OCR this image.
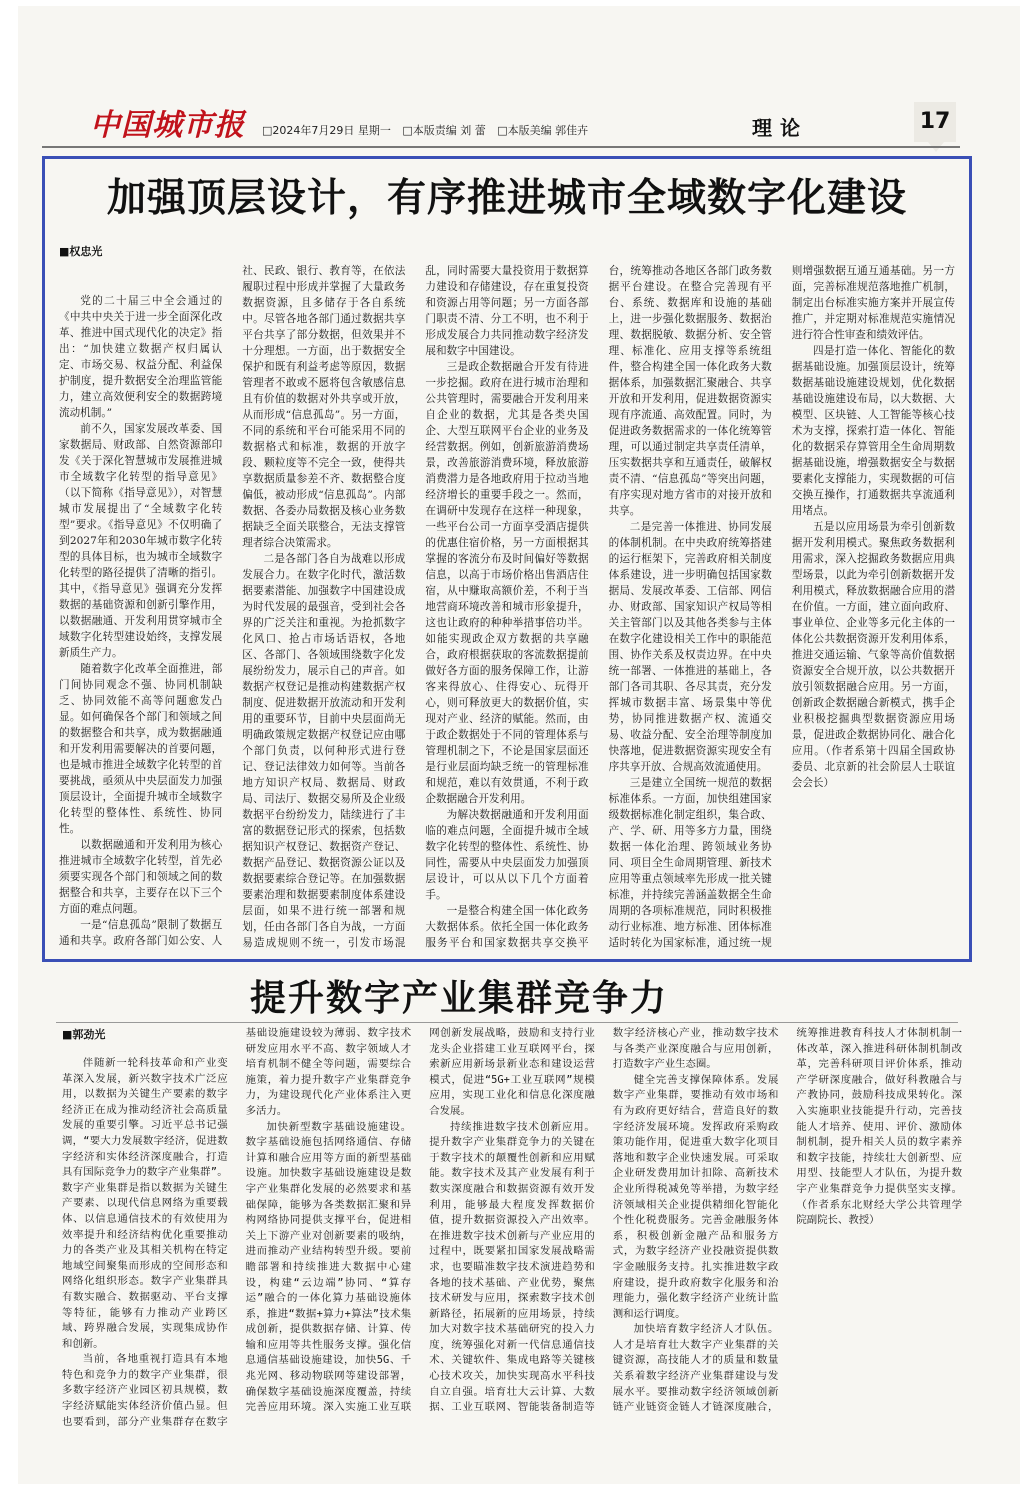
中国城市报 □2024年7月29日 星期一 □本版责编 刘 蕾 □本版美编 郭佳卉	理论	17
加强顶层设计，有序推进城市全域数字化建设
■权忠光

党的二十届三中全会通过的《中共中央关于进一步全面深化改革、推进中国式现代化的决定》指出：“加快建立数据产权归属认定、市场交易、权益分配、利益保护制度，提升数据安全治理监管能力，建立高效便利安全的数据跨境流动机制。”

前不久，国家发展改革委、国家数据局、财政部、自然资源部印发《关于深化智慧城市发展推进城市全域数字化转型的指导意见》（以下简称《指导意见》），对智慧城市发展提出了“全域数字化转型”要求。《指导意见》不仅明确了到2027年和2030年城市数字化转型的具体目标，也为城市全域数字化转型的路径提供了清晰的指引。其中，《指导意见》强调充分发挥数据的基础资源和创新引擎作用，以数据融通、开发利用贯穿城市全域数字化转型建设始终，支撑发展新质生产力。

随着数字化改革全面推进，部门间协同观念不强、协同机制缺乏、协同效能不高等问题愈发凸显。如何确保各个部门和领域之间的数据整合和共享，成为数据融通和开发利用需要解决的首要问题，也是城市推进全域数字化转型的首要挑战，亟须从中央层面发力加强顶层设计，全面提升城市全域数字化转型的整体性、系统性、协同性。

以数据融通和开发利用为核心推进城市全域数字化转型，首先必须要实现各个部门和领域之间的数据整合和共享，主要存在以下三个方面的难点问题。

一是“信息孤岛”限制了数据互通和共享。政府各部门如公安、人社、民政、银行、教育等，在依法履职过程中形成并掌握了大量政务数据资源，且多储存于各自系统中。尽管各地各部门通过数据共享平台共享了部分数据，但效果并不十分理想。一方面，出于数据安全保护和既有利益考虑等原因，数据管理者不敢或不愿将包含敏感信息且有价值的数据对外共享或开放，从而形成“信息孤岛”。另一方面，不同的系统和平台可能采用不同的数据格式和标准，数据的开放字段、颗粒度等不完全一致，使得共享数据质量参差不齐、数据整合度偏低，被动形成“信息孤岛”。内部数据、各委办局数据及核心业务数据缺乏全面关联整合，无法支撑管理者综合决策需求。

二是各部门各自为战难以形成发展合力。在数字化时代，激活数据要素潜能、加强数字中国建设成为时代发展的最强音，受到社会各界的广泛关注和重视。为抢抓数字化风口、抢占市场话语权，各地区、各部门、各领域围绕数字化发展纷纷发力，展示自己的声音。如数据产权登记是推动构建数据产权制度、促进数据开放流动和开发利用的重要环节，目前中央层面尚无明确政策规定数据产权登记应由哪个部门负责，以何种形式进行登记、登记法律效力如何等。当前各地方知识产权局、数据局、财政局、司法厅、数据交易所及企业级数据平台纷纷发力，陆续进行了丰富的数据登记形式的探索，包括数据知识产权登记、数据资产登记、数据产品登记、数据资源公证以及数据要素综合登记等。在加强数据要素治理和数据要素制度体系建设层面，如果不进行统一部署和规划，任由各部门各自为战，一方面易造成规则不统一，引发市场混乱，同时需要大量投资用于数据算力建设和存储建设，存在重复投资和资源占用等问题；另一方面各部门职责不清、分工不明，也不利于形成发展合力共同推动数字经济发展和数字中国建设。

三是政企数据融合开发有待进一步挖掘。政府在进行城市治理和公共管理时，需要融合开发利用来自企业的数据，尤其是各类央国企、大型互联网平台企业的业务及经营数据。例如，创新旅游消费场景，改善旅游消费环境，释放旅游消费潜力是各地政府用于拉动当地经济增长的重要手段之一。然而，在调研中发现存在这样一种现象，一些平台公司一方面享受酒店提供的优惠住宿价格，另一方面根据其掌握的客流分布及时间偏好等数据信息，以高于市场价格出售酒店住宿，从中赚取高额价差，不利于当地营商环境改善和城市形象提升，这也让政府的种种举措事倍功半。如能实现政企双方数据的共享融合，政府根据获取的客流数据提前做好各方面的服务保障工作，让游客来得放心、住得安心、玩得开心，则可释放更大的数据价值，实现对产业、经济的赋能。然而，由于政企数据处于不同的管理体系与管理机制之下，不论是国家层面还是行业层面均缺乏统一的管理标准和规范，难以有效贯通，不利于政企数据融合开发利用。

为解决数据融通和开发利用面临的难点问题，全面提升城市全域数字化转型的整体性、系统性、协同性，需要从中央层面发力加强顶层设计，可以从以下几个方面着手。

一是整合构建全国一体化政务大数据体系。依托全国一体化政务服务平台和国家数据共享交换平台，统筹推动各地区各部门政务数据平台建设。在整合完善现有平台、系统、数据库和设施的基础上，进一步强化数据服务、数据治理、数据脱敏、数据分析、安全管理、标准化、应用支撑等系统组件，整合构建全国一体化政务大数据体系，加强数据汇聚融合、共享开放和开发利用，促进数据资源实现有序流通、高效配置。同时，为促进政务数据需求的一体化统筹管理，可以通过制定共享责任清单，压实数据共享和互通责任，破解权责不清、“信息孤岛”等突出问题，有序实现对地方省市的对接开放和共享。

二是完善一体推进、协同发展的体制机制。在中央政府统筹搭建的运行框架下，完善政府相关制度体系建设，进一步明确包括国家数据局、发展改革委、工信部、网信办、财政部、国家知识产权局等相关主管部门以及其他各类参与主体在数字化建设相关工作中的职能范围、协作关系及权责边界。在中央统一部署、一体推进的基础上，各部门各司其职、各尽其责，充分发挥城市数据丰富、场景集中等优势，协同推进数据产权、流通交易、收益分配、安全治理等制度加快落地，促进数据资源实现安全有序共享开放、合规高效流通使用。

三是建立全国统一规范的数据标准体系。一方面，加快组建国家级数据标准化制定组织，集合政、产、学、研、用等多方力量，围绕数据一体化治理、跨领域业务协同、项目全生命周期管理、新技术应用等重点领域率先形成一批关键标准，并持续完善涵盖数据全生命周期的各项标准规范，同时积极推动行业标准、地方标准、团体标准适时转化为国家标准，通过统一规则增强数据互通互通基础。另一方面，完善标准规范落地推广机制，制定出台标准实施方案并开展宣传推广，并定期对标准规范实施情况进行符合性审查和绩效评估。

四是打造一体化、智能化的数据基础设施。加强顶层设计，统筹数据基础设施建设规划，优化数据基础设施建设布局，以大数据、大模型、区块链、人工智能等核心技术为支撑，探索打造一体化、智能化的数据采存算管用全生命周期数据基础设施，增强数据安全与数据要素化支撑能力，实现数据的可信交换互操作，打通数据共享流通利用堵点。

五是以应用场景为牵引创新数据开发利用模式。聚焦政务数据利用需求，深入挖掘政务数据应用典型场景，以此为牵引创新数据开发利用模式，释放数据融合应用的潜在价值。一方面，建立面向政府、事业单位、企业等多元化主体的一体化公共数据资源开发利用体系，推进交通运输、气象等高价值数据资源安全合规开放，以公共数据开放引领数据融合应用。另一方面，创新政企数据融合新模式，携手企业积极挖掘典型数据资源应用场景，促进政企数据协同化、融合化应用。（作者系第十四届全国政协委员、北京新的社会阶层人士联谊会会长）

提升数字产业集群竞争力
■郭劲光

伴随新一轮科技革命和产业变革深入发展，新兴数字技术广泛应用，以数据为关键生产要素的数字经济正在成为推动经济社会高质量发展的重要引擎。习近平总书记强调，“要大力发展数字经济，促进数字经济和实体经济深度融合，打造具有国际竞争力的数字产业集群”。数字产业集群是指以数据为关键生产要素、以现代信息网络为重要载体、以信息通信技术的有效使用为效率提升和经济结构优化重要推动力的各类产业及其相关机构在特定地域空间聚集而形成的空间形态和网络化组织形态。数字产业集群具有数实融合、数据驱动、平台支撑等特征，能够有力推动产业跨区域、跨界融合发展，实现集成协作和创新。

当前，各地重视打造具有本地特色和竞争力的数字产业集群，很多数字经济产业园区初具规模，数字经济赋能实体经济价值凸显。但也要看到，部分产业集群存在数字基础设施建设较为薄弱、数字技术研发应用水平不高、数字领域人才培育机制不健全等问题，需要综合施策，着力提升数字产业集群竞争力，为建设现代化产业体系注入更多活力。

加快新型数字基础设施建设。数字基础设施包括网络通信、存储计算和融合应用等方面的新型基础设施。加快数字基础设施建设是数字产业集群化发展的必然要求和基础保障，能够为各类数据汇聚和异构网络协同提供支撑平台，促进相关上下游产业对创新要素的吸纳，进而推动产业结构转型升级。要前瞻部署和持续推进大数据中心建设，构建“云边端”协同、“算存运”融合的一体化算力基础设施体系，推进“数据+算力+算法”技术集成创新，提供数据存储、计算、传输和应用等共性服务支撑。强化信息通信基础设施建设，加快5G、千兆光网、移动物联网等建设部署，确保数字基础设施深度覆盖，持续完善应用环境。深入实施工业互联网创新发展战略，鼓励和支持行业龙头企业搭建工业互联网平台，探索新应用新场景新业态和建设运营模式，促进“5G+工业互联网”规模应用，实现工业化和信息化深度融合发展。

持续推进数字技术创新应用。提升数字产业集群竞争力的关键在于数字技术的颠覆性创新和应用赋能。数字技术及其产业发展有利于数实深度融合和数据资源有效开发利用，能够最大程度发挥数据价值，提升数据资源投入产出效率。在推进数字技术创新与产业应用的过程中，既要紧扣国家发展战略需求，也要瞄准数字技术演进趋势和各地的技术基础、产业优势，聚焦技术研发与应用，探索数字技术创新路径，拓展新的应用场景，持续加大对数字技术基础研究的投入力度，统筹强化对新一代信息通信技术、关键软件、集成电路等关键核心技术攻关，加快实现高水平科技自立自强。培育壮大云计算、大数据、工业互联网、智能装备制造等数字经济核心产业，推动数字技术与各类产业深度融合与应用创新，打造数字产业生态圈。

健全完善支撑保障体系。发展数字产业集群，要推动有效市场和有为政府更好结合，营造良好的数字经济发展环境。发挥政府采购政策功能作用，促进重大数字化项目落地和数字企业快速发展。可采取企业研发费用加计扣除、高新技术企业所得税减免等举措，为数字经济领域相关企业提供精细化智能化个性化税费服务。完善金融服务体系，积极创新金融产品和服务方式，为数字经济产业投融资提供数字金融服务支持。扎实推进数字政府建设，提升政府数字化服务和治理能力，强化数字经济产业统计监测和运行调度。

加快培育数字经济人才队伍。人才是培育壮大数字产业集群的关键资源，高技能人才的质量和数量关系着数字经济产业集群建设与发展水平。要推动数字经济领域创新链产业链资金链人才链深度融合，统筹推进教育科技人才体制机制一体改革，深入推进科研体制机制改革，完善科研项目评价体系，推动产学研深度融合，做好科教融合与产教协同，鼓励科技成果转化。深入实施职业技能提升行动，完善技能人才培养、使用、评价、激励体制机制，提升相关人员的数字素养和数字技能，持续壮大创新型、应用型、技能型人才队伍，为提升数字产业集群竞争力提供坚实支撑。（作者系东北财经大学公共管理学院副院长、教授）
